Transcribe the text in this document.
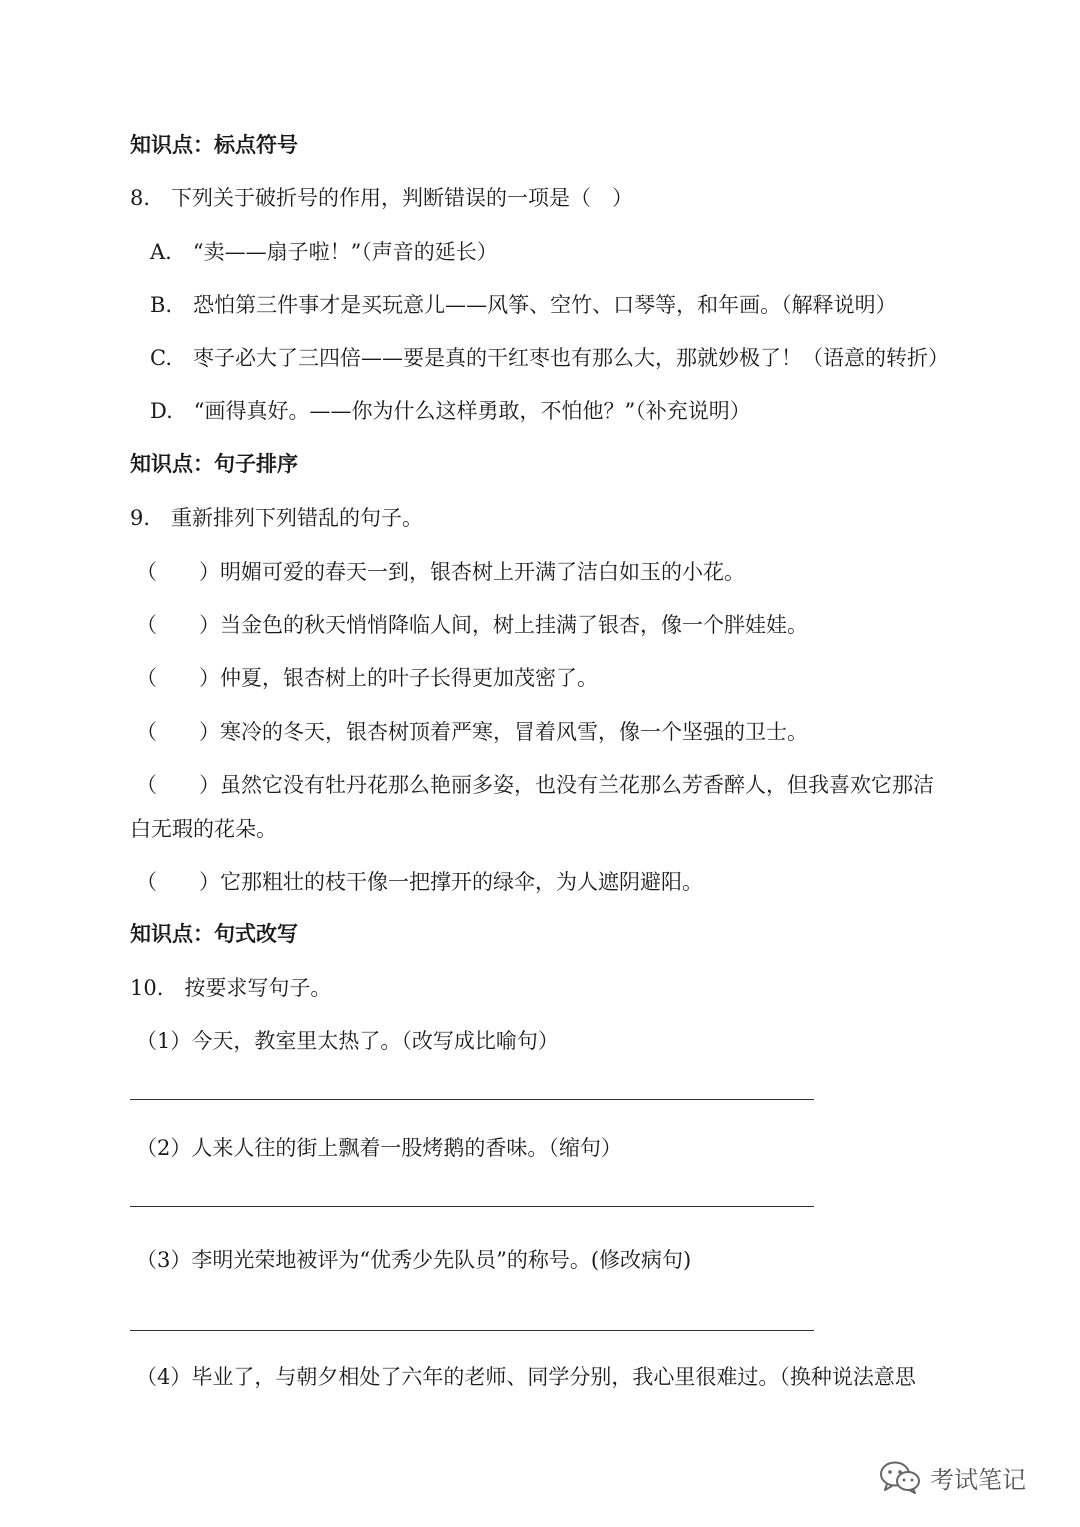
知识点：标点符号
8.　下列关于破折号的作用，判断错误的一项是（　）
A.　“卖——扇子啦！”（声音的延长）
B.　恐怕第三件事才是买玩意儿——风筝、空竹、口琴等，和年画。（解释说明）
C.　枣子必大了三四倍——要是真的干红枣也有那么大，那就妙极了！（语意的转折）
D.　“画得真好。——你为什么这样勇敢，不怕他？”（补充说明）
知识点：句子排序
9.　重新排列下列错乱的句子。
（　　）明媚可爱的春天一到，银杏树上开满了洁白如玉的小花。
（　　）当金色的秋天悄悄降临人间，树上挂满了银杏，像一个胖娃娃。
（　　）仲夏，银杏树上的叶子长得更加茂密了。
（　　）寒冷的冬天，银杏树顶着严寒，冒着风雪，像一个坚强的卫士。
（　　）虽然它没有牡丹花那么艳丽多姿，也没有兰花那么芳香醉人，但我喜欢它那洁
白无瑕的花朵。
（　　）它那粗壮的枝干像一把撑开的绿伞，为人遮阴避阳。
知识点：句式改写
10.　按要求写句子。
（1）今天，教室里太热了。（改写成比喻句）
（2）人来人往的街上飘着一股烤鹅的香味。（缩句）
（3）李明光荣地被评为“优秀少先队员”的称号。(修改病句)
（4）毕业了，与朝夕相处了六年的老师、同学分别，我心里很难过。（换种说法意思
考试笔记
